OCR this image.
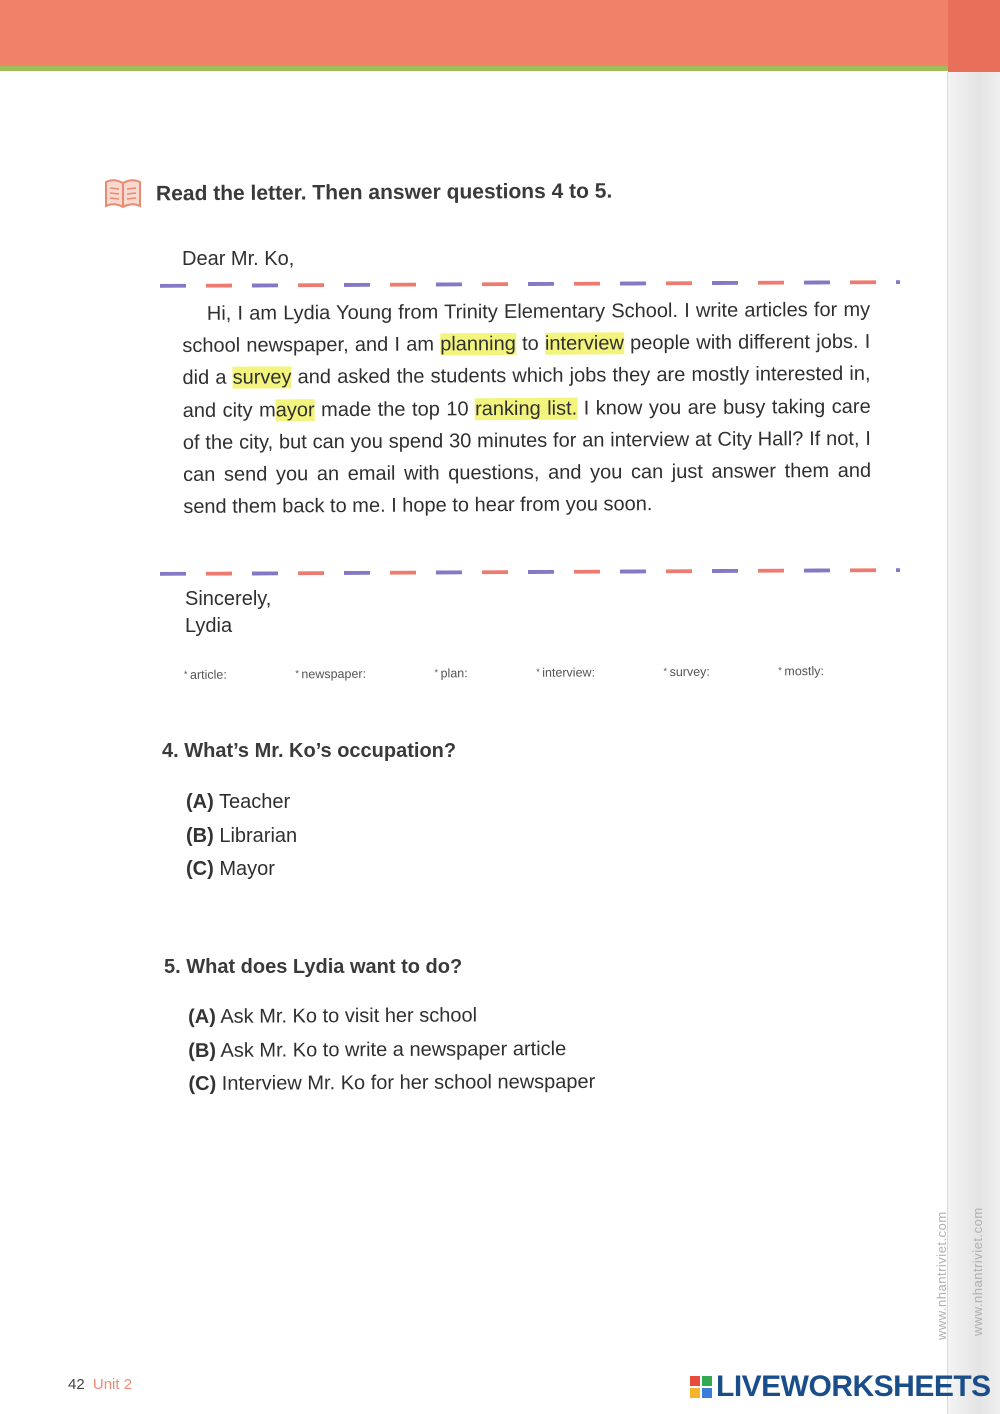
Read the letter. Then answer questions 4 to 5.
Dear Mr. Ko,
Hi, I am Lydia Young from Trinity Elementary School. I write articles for my school newspaper, and I am planning to interview people with different jobs. I did a survey and asked the students which jobs they are mostly interested in, and city mayor made the top 10 ranking list. I know you are busy taking care of the city, but can you spend 30 minutes for an interview at City Hall? If not, I can send you an email with questions, and you can just answer them and send them back to me. I hope to hear from you soon.
Sincerely,
Lydia
* article:	* newspaper:	* plan:	* interview:	* survey:	* mostly:
4. What’s Mr. Ko’s occupation?
(A) Teacher
(B) Librarian
(C) Mayor
5. What does Lydia want to do?
(A) Ask Mr. Ko to visit her school
(B) Ask Mr. Ko to write a newspaper article
(C) Interview Mr. Ko for her school newspaper
42 Unit 2
www.nhantriviet.com www.nhantriviet.com
LIVEWORKSHEETS
